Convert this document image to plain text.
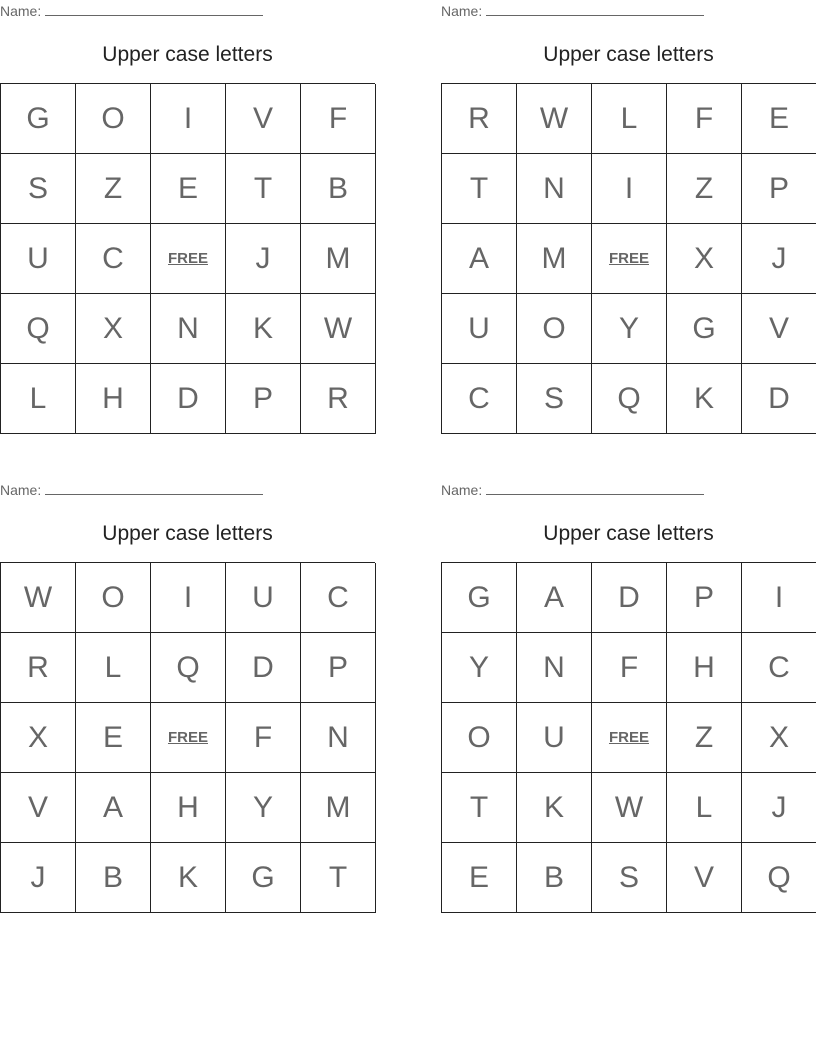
Name:
Upper case letters
G	O	I	V	F
S	Z	E	T	B
U	C	FREE	J	M
Q	X	N	K	W
L	H	D	P	R
Name:
Upper case letters
R	W	L	F	E
T	N	I	Z	P
A	M	FREE	X	J
U	O	Y	G	V
C	S	Q	K	D
Name:
Upper case letters
W	O	I	U	C
R	L	Q	D	P
X	E	FREE	F	N
V	A	H	Y	M
J	B	K	G	T
Name:
Upper case letters
G	A	D	P	I
Y	N	F	H	C
O	U	FREE	Z	X
T	K	W	L	J
E	B	S	V	Q
